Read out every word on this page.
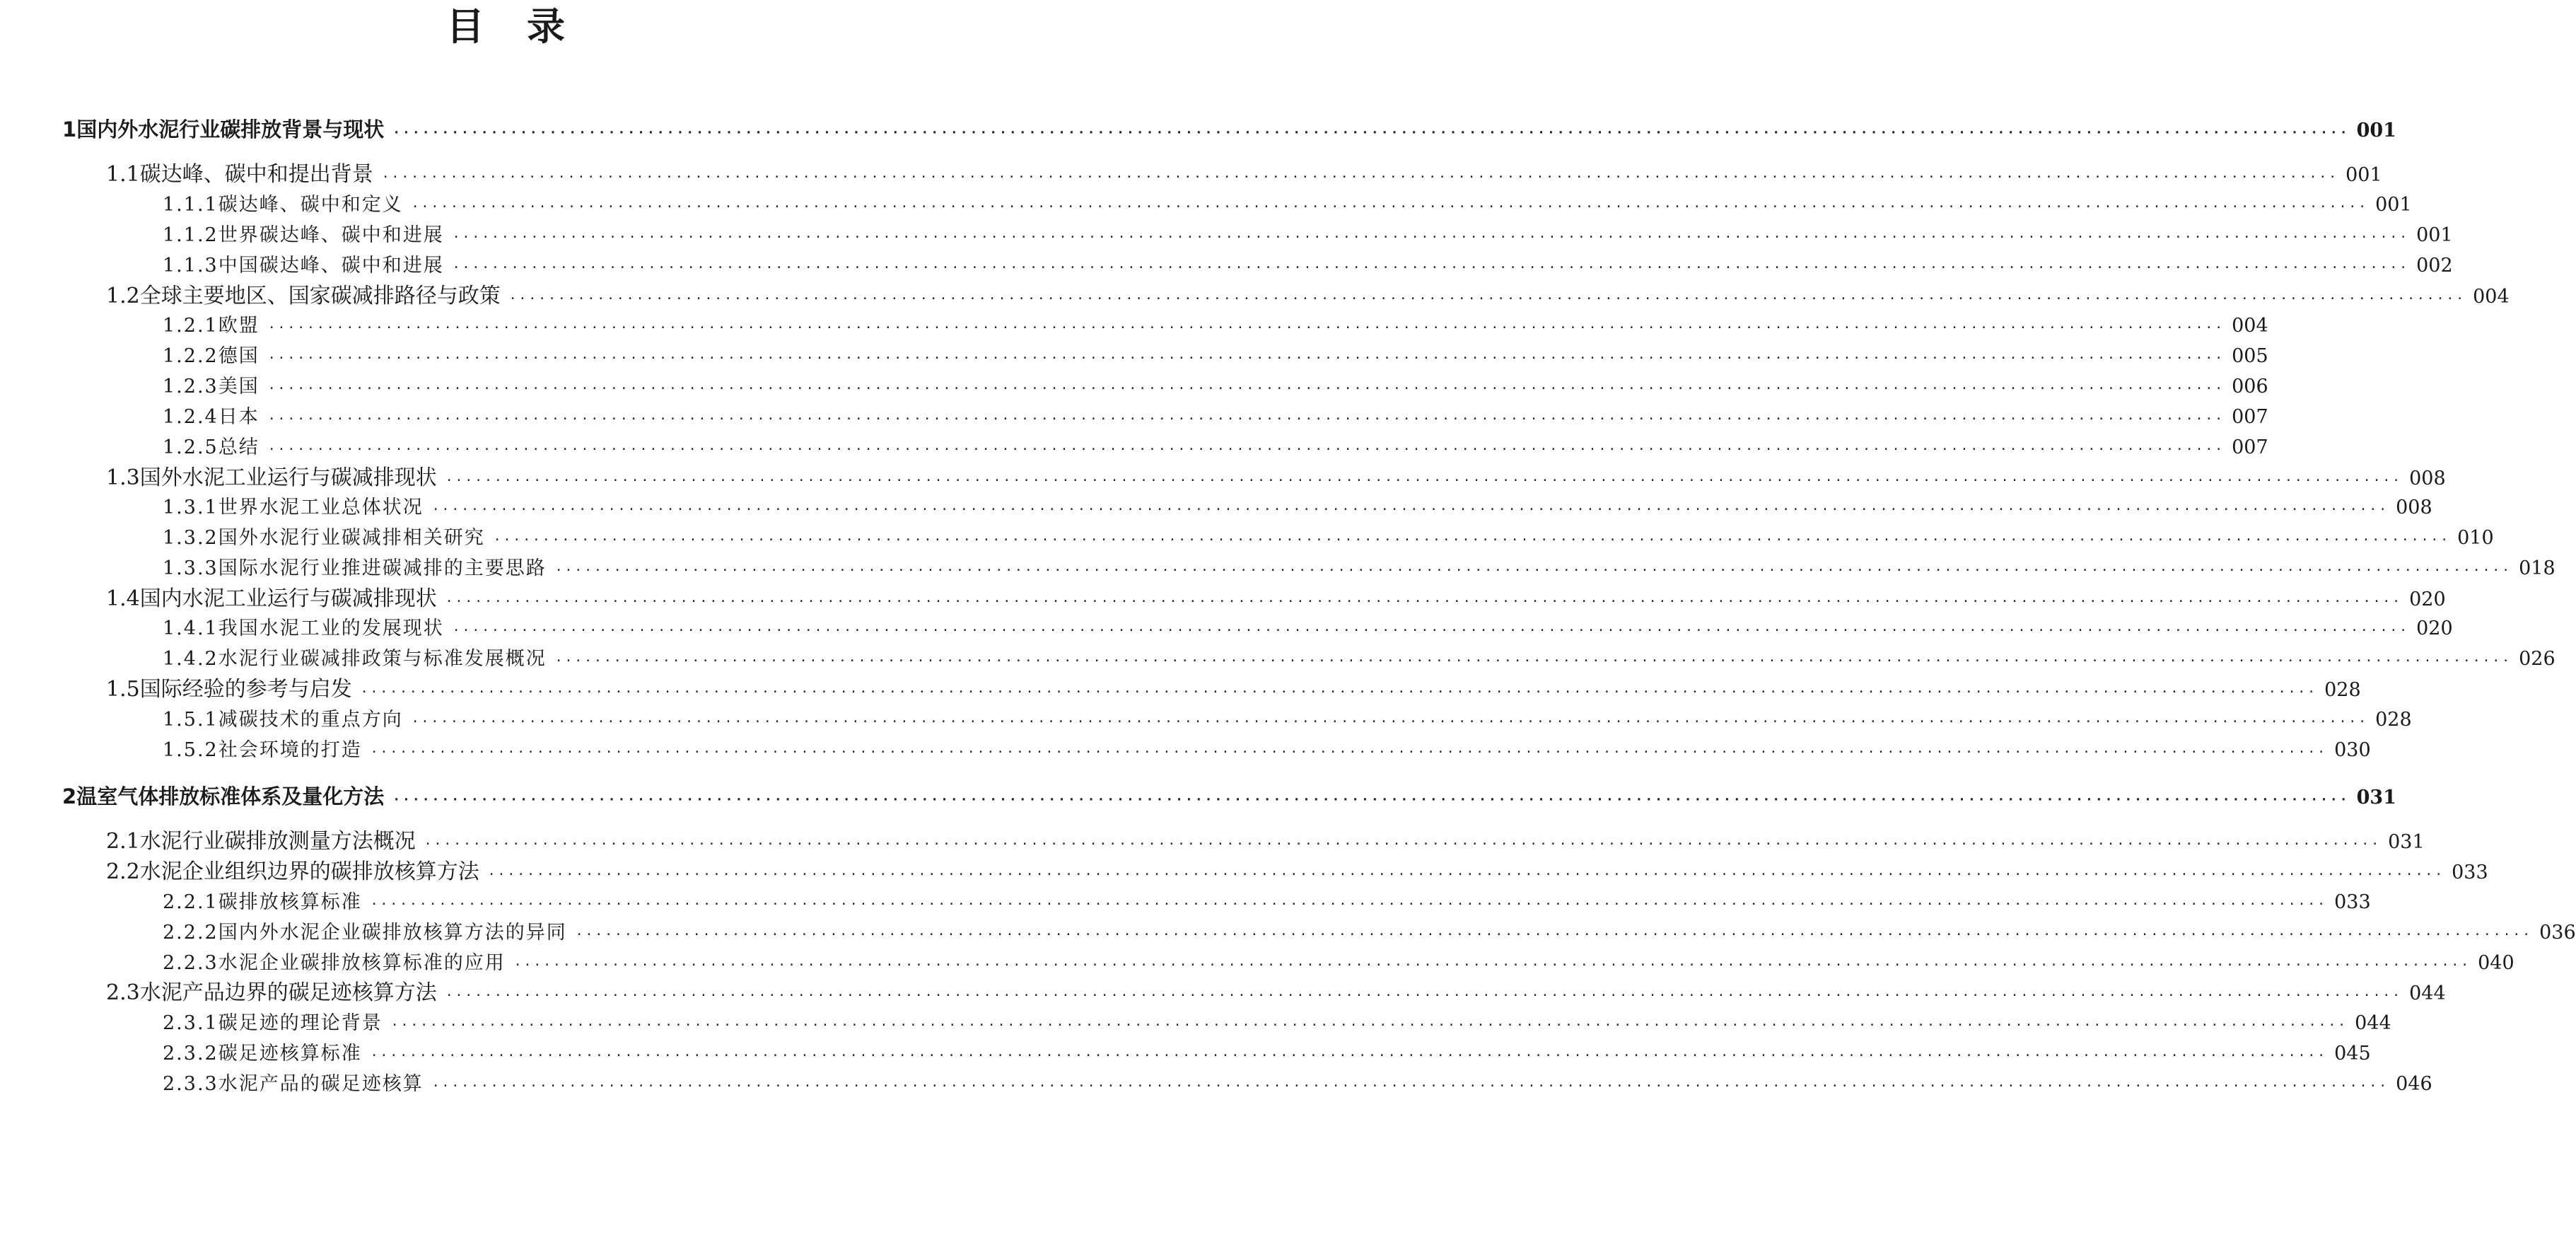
目 录
1 国内外水泥行业碳排放背景与现状 ········································································································································································································ 001
1.1 碳达峰、碳中和提出背景 ········································································································································································································ 001
1.1.1 碳达峰、碳中和定义 ········································································································································································································ 001
1.1.2 世界碳达峰、碳中和进展 ········································································································································································································ 001
1.1.3 中国碳达峰、碳中和进展 ········································································································································································································ 002
1.2 全球主要地区、国家碳减排路径与政策 ········································································································································································································ 004
1.2.1 欧盟 ········································································································································································································ 004
1.2.2 德国 ········································································································································································································ 005
1.2.3 美国 ········································································································································································································ 006
1.2.4 日本 ········································································································································································································ 007
1.2.5 总结 ········································································································································································································ 007
1.3 国外水泥工业运行与碳减排现状 ········································································································································································································ 008
1.3.1 世界水泥工业总体状况 ········································································································································································································ 008
1.3.2 国外水泥行业碳减排相关研究 ········································································································································································································ 010
1.3.3 国际水泥行业推进碳减排的主要思路 ········································································································································································································ 018
1.4 国内水泥工业运行与碳减排现状 ········································································································································································································ 020
1.4.1 我国水泥工业的发展现状 ········································································································································································································ 020
1.4.2 水泥行业碳减排政策与标准发展概况 ········································································································································································································ 026
1.5 国际经验的参考与启发 ········································································································································································································ 028
1.5.1 减碳技术的重点方向 ········································································································································································································ 028
1.5.2 社会环境的打造 ········································································································································································································ 030
2 温室气体排放标准体系及量化方法 ········································································································································································································ 031
2.1 水泥行业碳排放测量方法概况 ········································································································································································································ 031
2.2 水泥企业组织边界的碳排放核算方法 ········································································································································································································ 033
2.2.1 碳排放核算标准 ········································································································································································································ 033
2.2.2 国内外水泥企业碳排放核算方法的异同 ········································································································································································································ 036
2.2.3 水泥企业碳排放核算标准的应用 ········································································································································································································ 040
2.3 水泥产品边界的碳足迹核算方法 ········································································································································································································ 044
2.3.1 碳足迹的理论背景 ········································································································································································································ 044
2.3.2 碳足迹核算标准 ········································································································································································································ 045
2.3.3 水泥产品的碳足迹核算 ········································································································································································································ 046
